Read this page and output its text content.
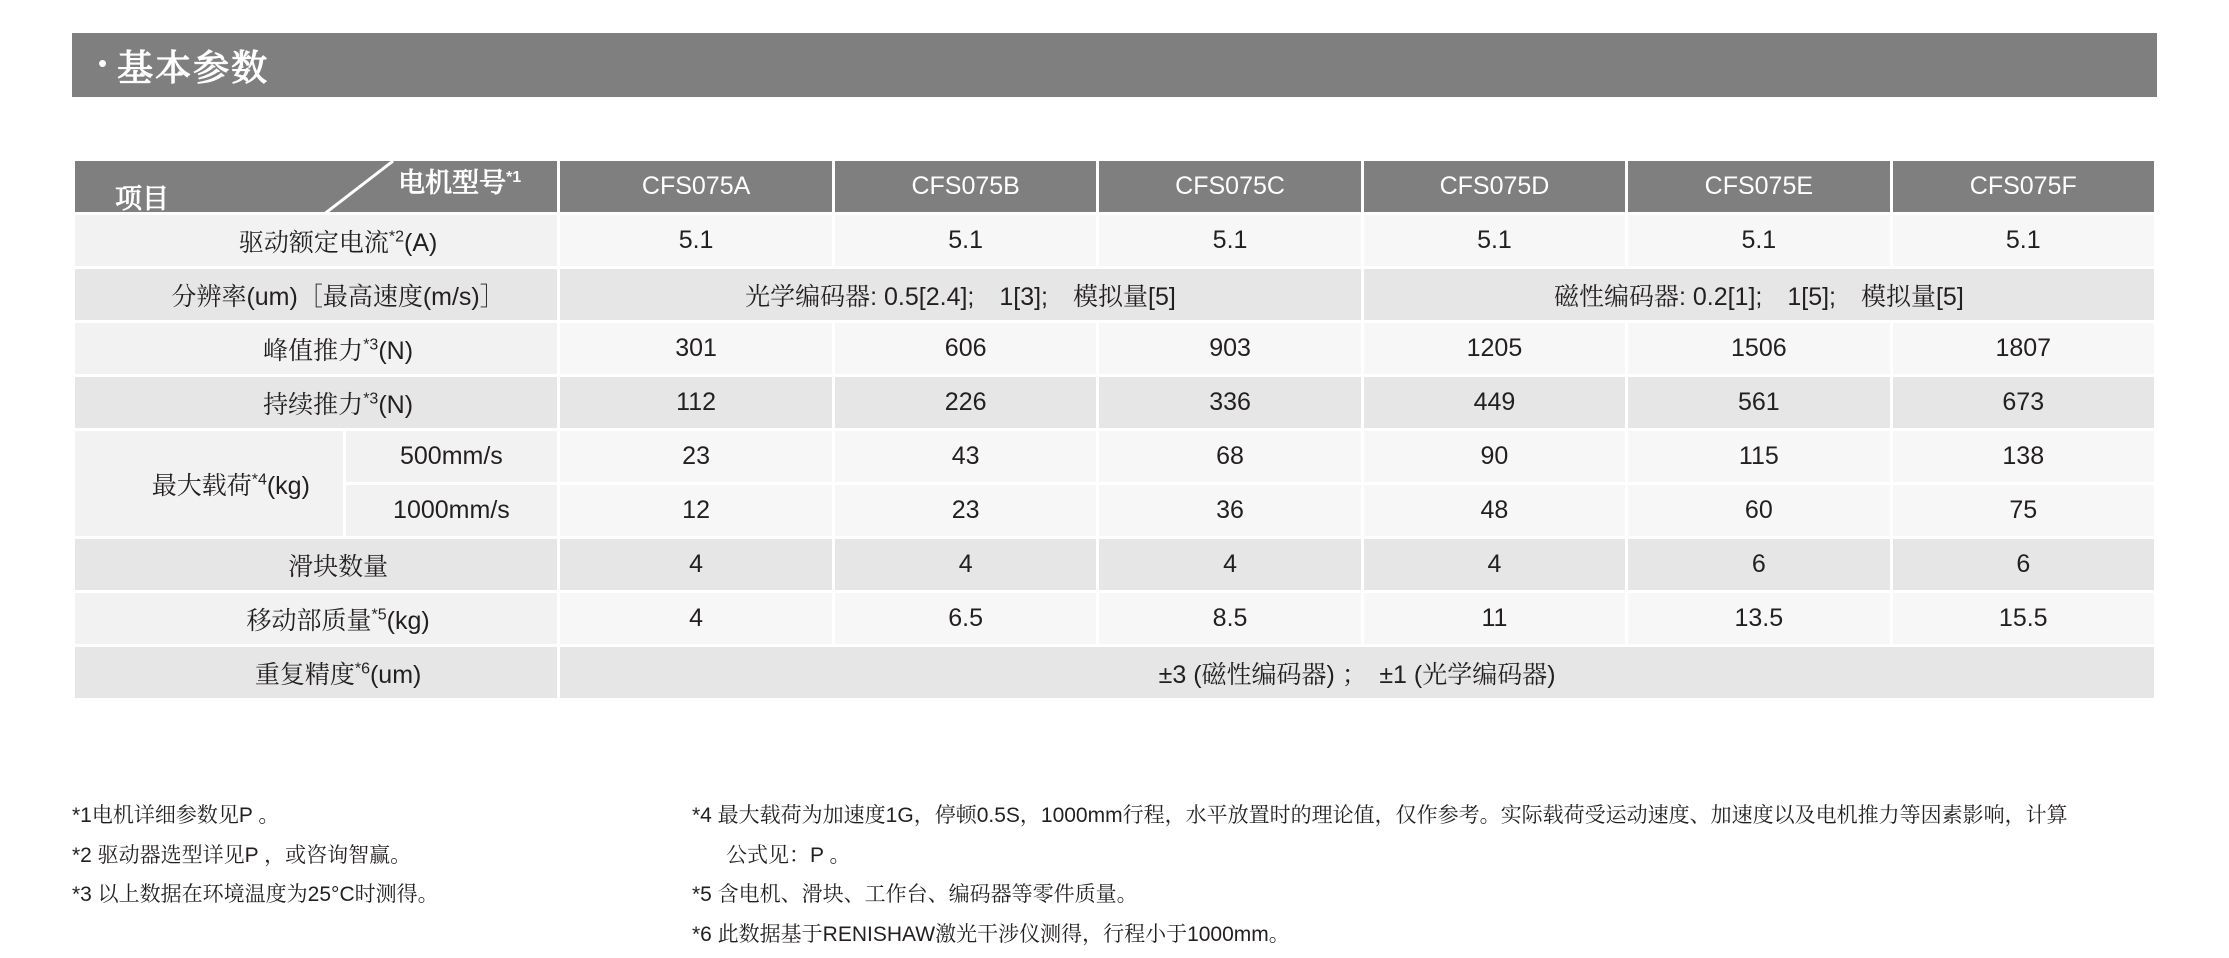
• 基本参数
项目
电机型号$^{*1}$		CFS075A	CFS075B	CFS075C	CFS075D	CFS075E	CFS075F
驱动额定电流$^{*2}$(A)		5.1	5.1	5.1	5.1	5.1	5.1
分辨率(um)［最高速度(m/s)］		光学编码器: 0.5[2.4];　1[3];　模拟量[5]			磁性编码器: 0.2[1];　1[5];　模拟量[5]		
峰值推力$^{*3}$(N)		301	606	903	1205	1506	1807
持续推力$^{*3}$(N)		112	226	336	449	561	673
最大载荷$^{*4}$(kg)	500mm/s	23	43	68	90	115	138
	1000mm/s	12	23	36	48	60	75
滑块数量		4	4	4	4	6	6
移动部质量$^{*5}$(kg)		4	6.5	8.5	11	13.5	15.5
重复精度$^{*6}$(um)		±3 (磁性编码器) ；　±1 (光学编码器)					

*1电机详细参数见P 。

*2 驱动器选型详见P ，或咨询智赢。

*3 以上数据在环境温度为25°C时测得。

*4 最大载荷为加速度1G，停顿0.5S，1000mm行程，水平放置时的理论值，仅作参考。实际载荷受运动速度、加速度以及电机推力等因素影响，计算

公式见：P 。

*5 含电机、滑块、工作台、编码器等零件质量。

*6 此数据基于RENISHAW激光干涉仪测得，行程小于1000mm。
